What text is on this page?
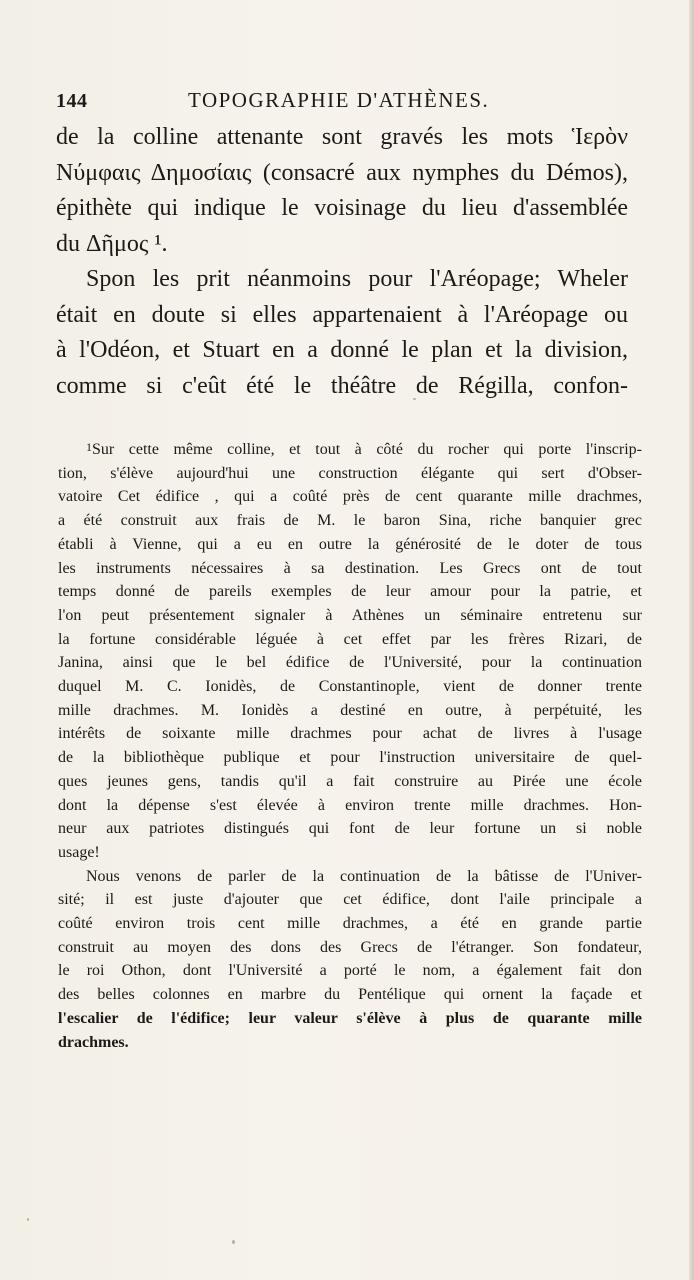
144	TOPOGRAPHIE D'ATHÈNES.

de la colline attenante sont gravés les mots Ἱερὸν

Νύμφαις Δημοσίαις (consacré aux nymphes du Démos),

épithète qui indique le voisinage du lieu d'assemblée

du Δῆμος ¹.

Spon les prit néanmoins pour l'Aréopage; Wheler

était en doute si elles appartenaient à l'Aréopage ou

à l'Odéon, et Stuart en a donné le plan et la division,

comme si c'eût été le théâtre de Régilla, confon-

$^1$Sur cette même colline, et tout à côté du rocher qui porte l'inscrip-
tion, s'élève aujourd'hui une construction élégante qui sert d'Obser-
vatoire Cet édifice , qui a coûté près de cent quarante mille drachmes,
a été construit aux frais de M. le baron Sina, riche banquier grec
établi à Vienne, qui a eu en outre la générosité de le doter de tous
les instruments nécessaires à sa destination. Les Grecs ont de tout
temps donné de pareils exemples de leur amour pour la patrie, et
l'on peut présentement signaler à Athènes un séminaire entretenu sur
la fortune considérable léguée à cet effet par les frères Rizari, de
Janina, ainsi que le bel édifice de l'Université, pour la continuation
duquel M. C. Ionidès, de Constantinople, vient de donner trente
mille drachmes. M. Ionidès a destiné en outre, à perpétuité, les
intérêts de soixante mille drachmes pour achat de livres à l'usage
de la bibliothèque publique et pour l'instruction universitaire de quel-
ques jeunes gens, tandis qu'il a fait construire au Pirée une école
dont la dépense s'est élevée à environ trente mille drachmes. Hon-
neur aux patriotes distingués qui font de leur fortune un si noble
usage!
Nous venons de parler de la continuation de la bâtisse de l'Univer-
sité; il est juste d'ajouter que cet édifice, dont l'aile principale a
coûté environ trois cent mille drachmes, a été en grande partie
construit au moyen des dons des Grecs de l'étranger. Son fondateur,
le roi Othon, dont l'Université a porté le nom, a également fait don
des belles colonnes en marbre du Pentélique qui ornent la façade et
l'escalier de l'édifice; leur valeur s'élève à plus de quarante mille
drachmes.
